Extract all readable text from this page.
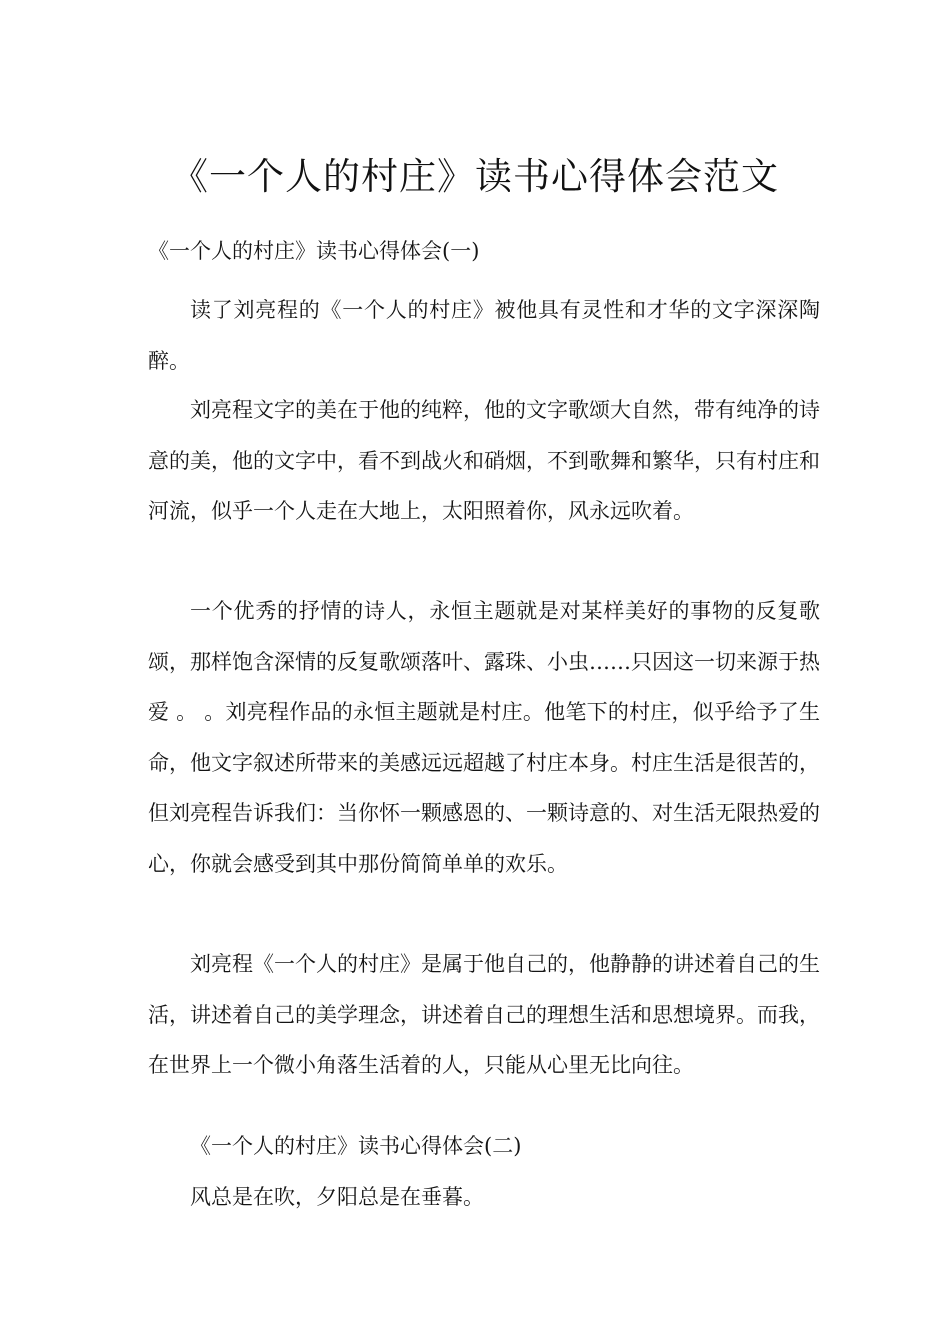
《一个人的村庄》读书心得体会范文
《一个人的村庄》读书心得体会(一)

读了刘亮程的《一个人的村庄》被他具有灵性和才华的文字深深陶醉。

刘亮程文字的美在于他的纯粹，他的文字歌颂大自然，带有纯净的诗意的美，他的文字中，看不到战火和硝烟，不到歌舞和繁华，只有村庄和河流，似乎一个人走在大地上，太阳照着你，风永远吹着。

一个优秀的抒情的诗人，永恒主题就是对某样美好的事物的反复歌颂，那样饱含深情的反复歌颂落叶、露珠、小虫……只因这一切来源于热爱 。 。刘亮程作品的永恒主题就是村庄。他笔下的村庄，似乎给予了生命，他文字叙述所带来的美感远远超越了村庄本身。村庄生活是很苦的，但刘亮程告诉我们：当你怀一颗感恩的、一颗诗意的、对生活无限热爱的心，你就会感受到其中那份简简单单的欢乐。

刘亮程《一个人的村庄》是属于他自己的，他静静的讲述着自己的生活，讲述着自己的美学理念，讲述着自己的理想生活和思想境界。而我，在世界上一个微小角落生活着的人，只能从心里无比向往。

《一个人的村庄》读书心得体会(二)

风总是在吹，夕阳总是在垂暮。
